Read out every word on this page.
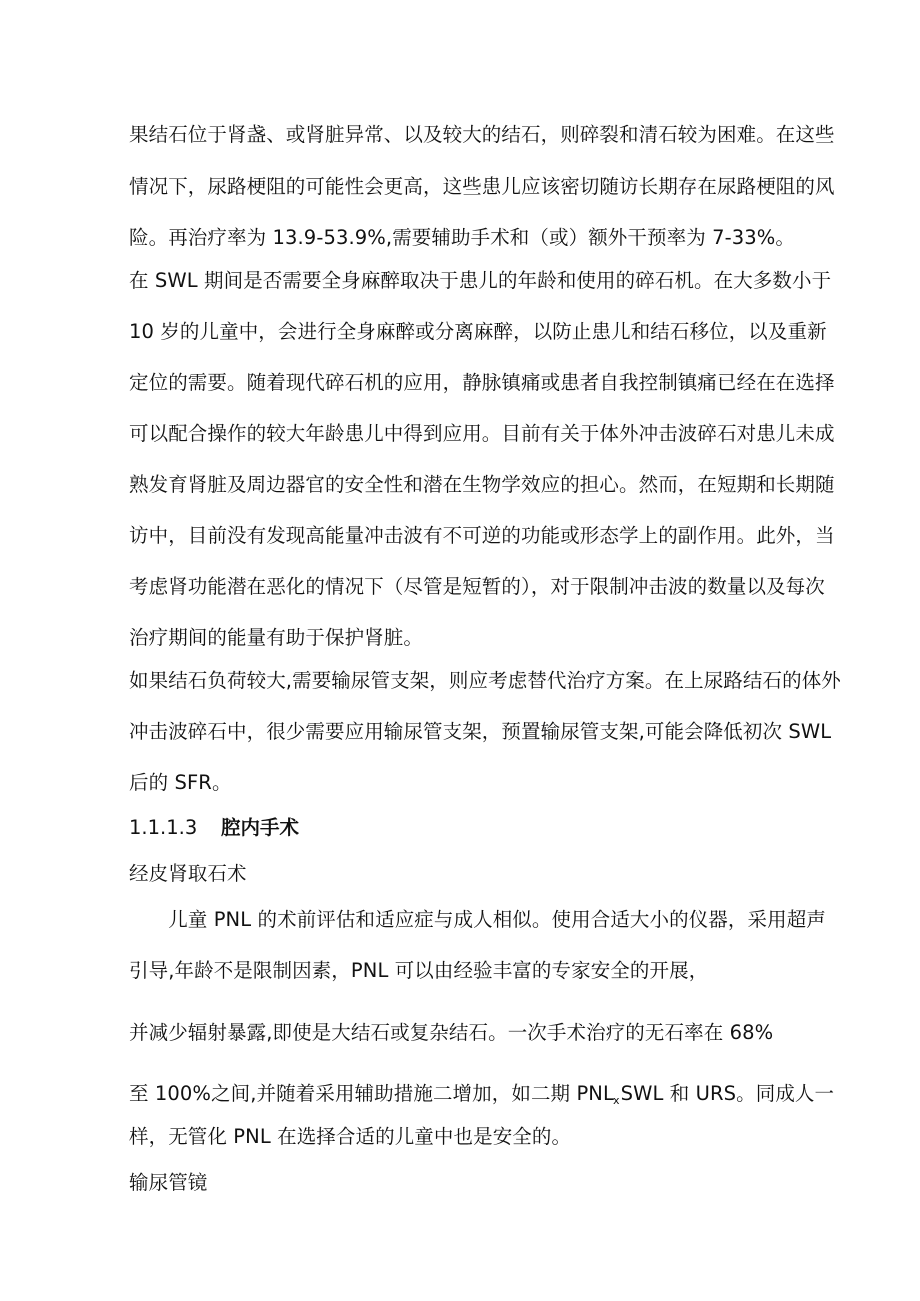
果结石位于肾盏、或肾脏异常、以及较大的结石，则碎裂和清石较为困难。在这些
情况下，尿路梗阻的可能性会更高，这些患儿应该密切随访长期存在尿路梗阻的风
险。再治疗率为 13.9-53.9%,需要辅助手术和（或）额外干预率为 7-33%。
在 SWL 期间是否需要全身麻醉取决于患儿的年龄和使用的碎石机。在大多数小于
10 岁的儿童中，会进行全身麻醉或分离麻醉，以防止患儿和结石移位，以及重新
定位的需要。随着现代碎石机的应用，静脉镇痛或患者自我控制镇痛已经在在选择
可以配合操作的较大年龄患儿中得到应用。目前有关于体外冲击波碎石对患儿未成
熟发育肾脏及周边器官的安全性和潜在生物学效应的担心。然而，在短期和长期随
访中，目前没有发现高能量冲击波有不可逆的功能或形态学上的副作用。此外，当
考虑肾功能潜在恶化的情况下（尽管是短暂的），对于限制冲击波的数量以及每次
治疗期间的能量有助于保护肾脏。
如果结石负荷较大,需要输尿管支架，则应考虑替代治疗方案。在上尿路结石的体外
冲击波碎石中，很少需要应用输尿管支架，预置输尿管支架,可能会降低初次 SWL
后的 SFR。
1.1.1.3 腔内手术
经皮肾取石术
　　儿童 PNL 的术前评估和适应症与成人相似。使用合适大小的仪器，采用超声
引导,年龄不是限制因素，PNL 可以由经验丰富的专家安全的开展，
并减少辐射暴露,即使是大结石或复杂结石。一次手术治疗的无石率在 68%
至 100%之间,并随着采用辅助措施二增加，如二期 $PNL_xSWL$ 和 URS。同成人一
样，无管化 PNL 在选择合适的儿童中也是安全的。
输尿管镜
